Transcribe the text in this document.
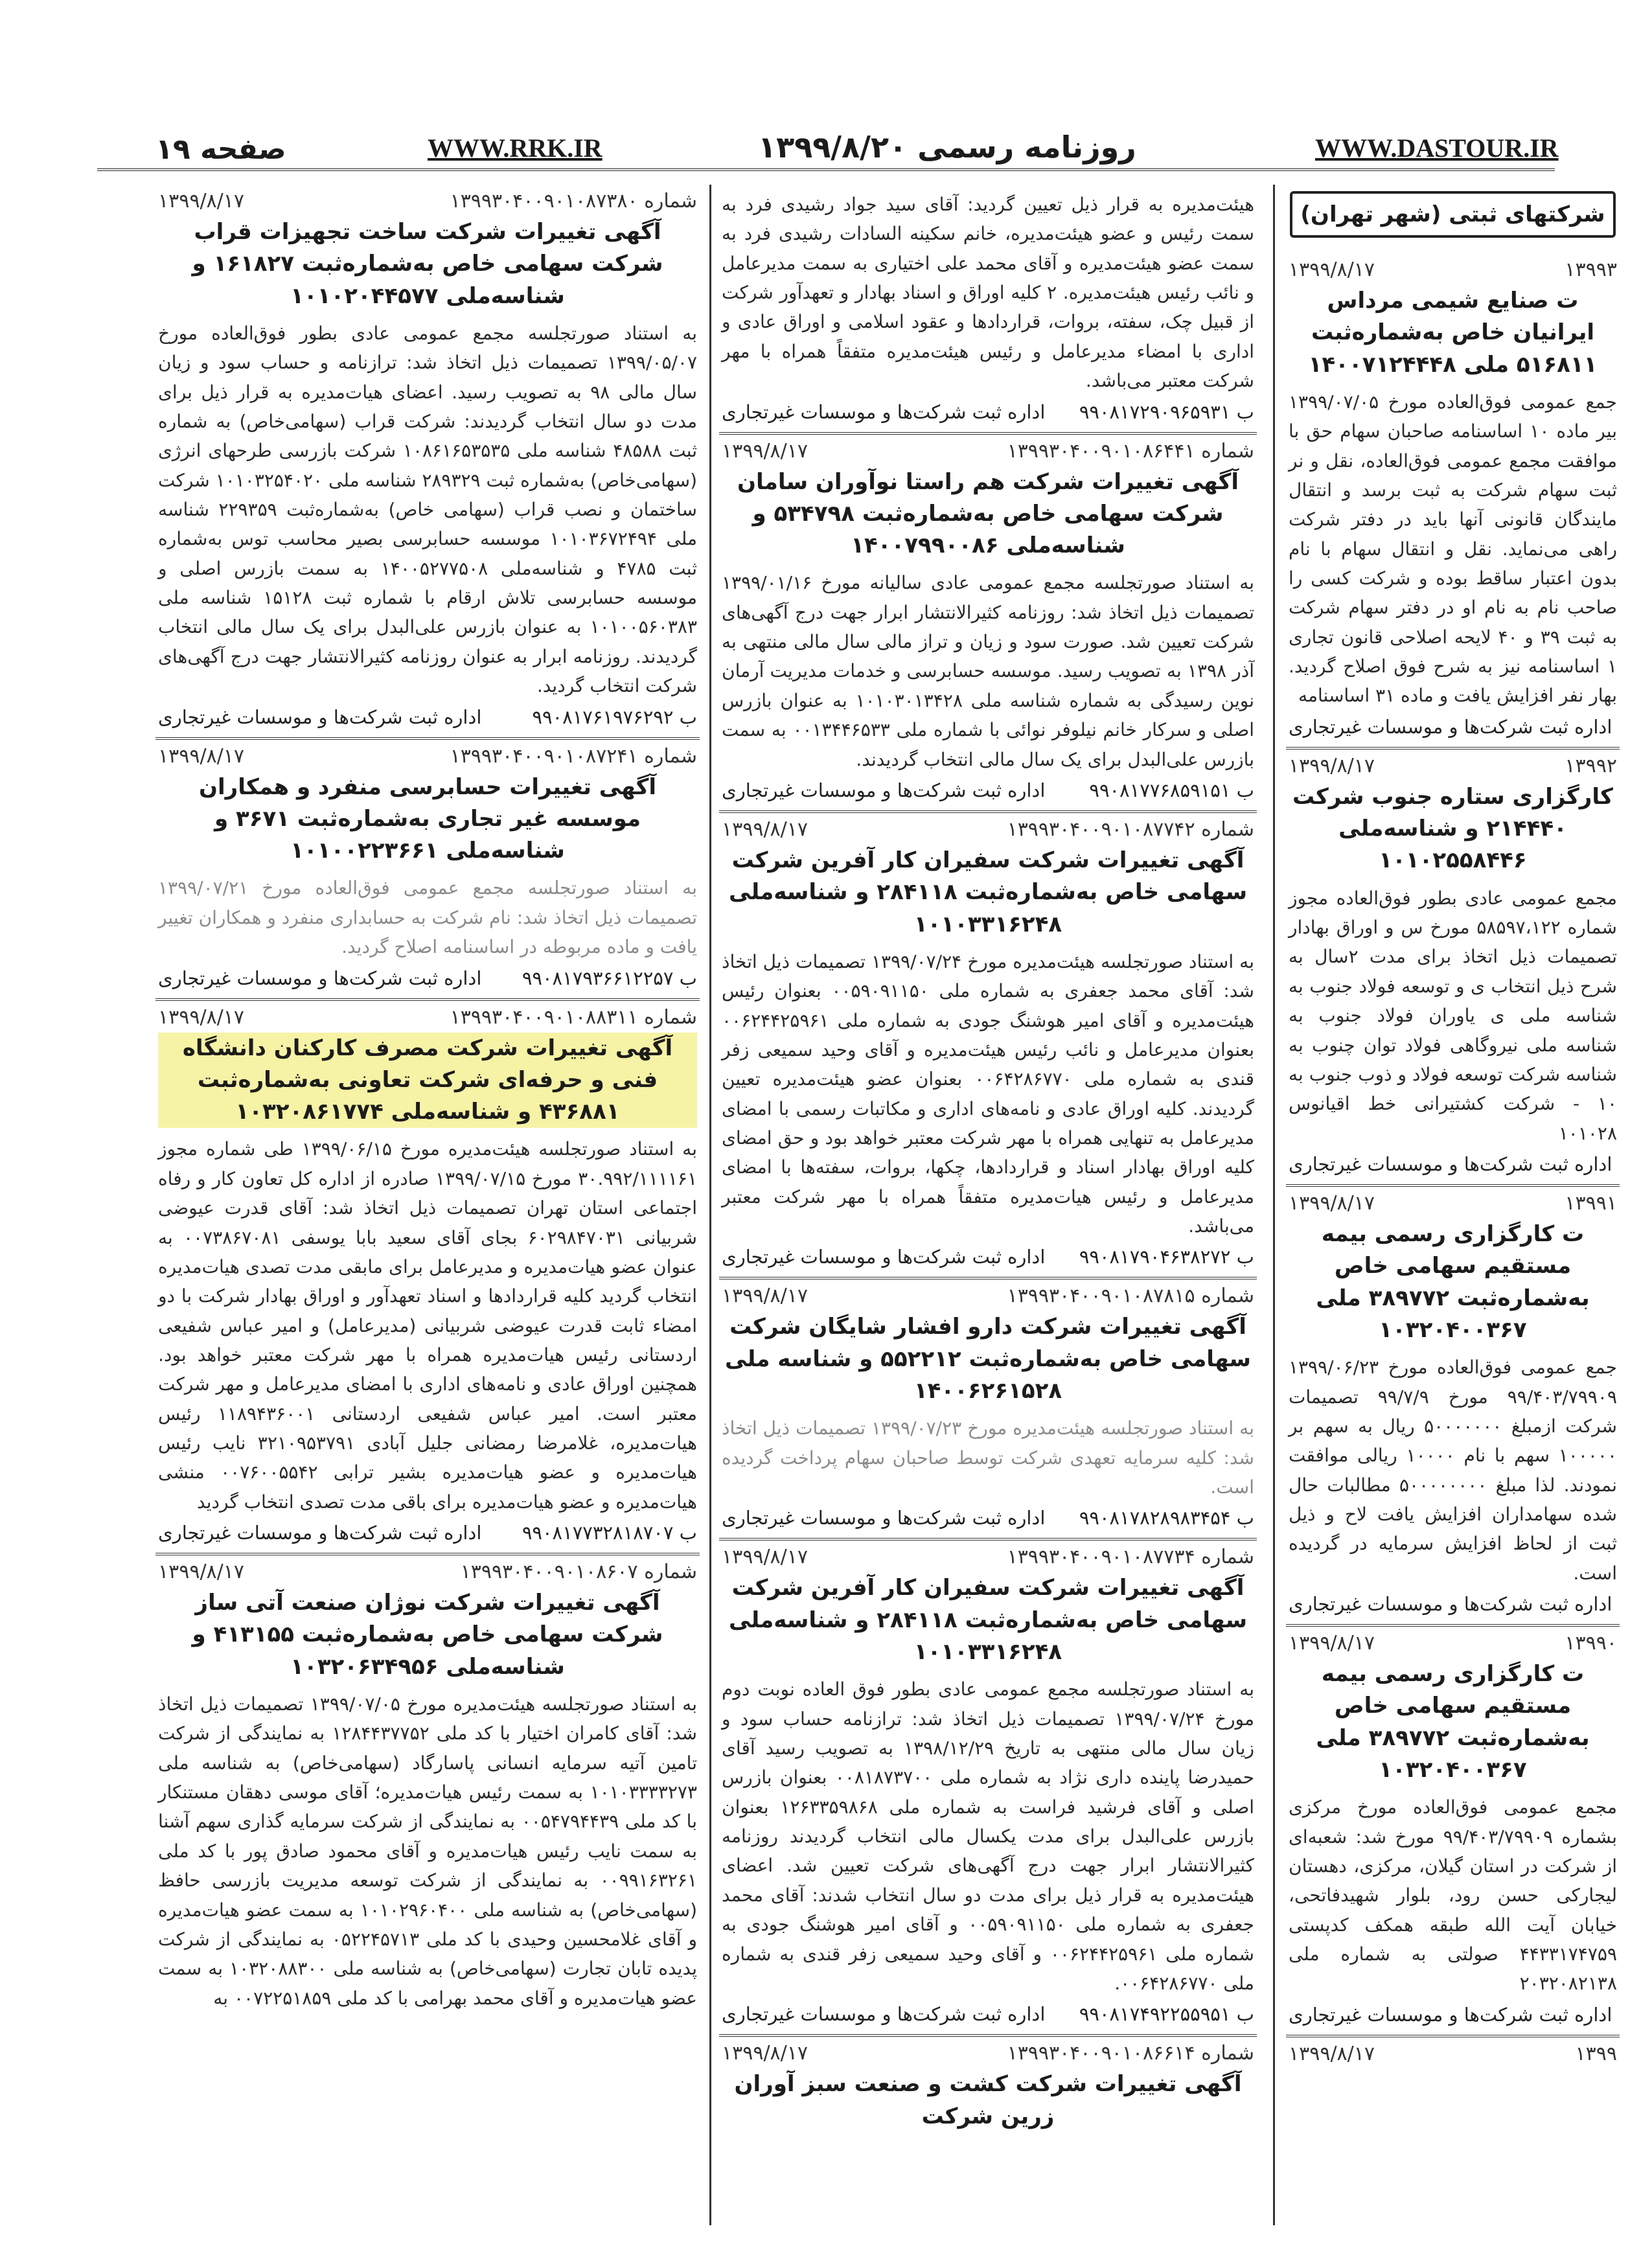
صفحه ۱۹	WWW.RRK.IR	روزنامه رسمی ۱۳۹۹/۸/۲۰	WWW.DASTOUR.IR
شماره ۱۳۹۹۳۰۴۰۰۹۰۱۰۸۷۳۸۰
۱۳۹۹/۸/۱۷
آگهی تغییرات شرکت ساخت تجهیزات قراب شرکت سهامی خاص به‌شماره‌ثبت ۱۶۱۸۲۷ و شناسه‌ملی ۱۰۱۰۲۰۴۴۵۷۷

به استناد صورتجلسه مجمع عمومی عادی بطور فوق‌العاده مورخ ۱۳۹۹/۰۵/۰۷ تصمیمات ذیل اتخاذ شد: ترازنامه و حساب سود و زیان سال مالی ۹۸ به تصویب رسید. اعضای هیات‌مدیره به قرار ذیل برای مدت دو سال انتخاب گردیدند: شرکت قراب (سهامی‌خاص) به شماره ثبت ۴۸۵۸۸ شناسه ملی ۱۰۸۶۱۶۵۳۵۳۵ شرکت بازرسی طرحهای انرژی (سهامی‌خاص) به‌شماره ثبت ۲۸۹۳۲۹ شناسه ملی ۱۰۱۰۳۲۵۴۰۲۰ شرکت ساختمان و نصب قراب (سهامی خاص) به‌شماره‌ثبت ۲۲۹۳۵۹ شناسه ملی ۱۰۱۰۳۶۷۲۴۹۴ موسسه حسابرسی بصیر محاسب توس به‌شماره ثبت ۴۷۸۵ و شناسه‌ملی ۱۴۰۰۵۲۷۷۵۰۸ به سمت بازرس اصلی و موسسه حسابرسی تلاش ارقام با شماره ثبت ۱۵۱۲۸ شناسه ملی ۱۰۱۰۰۵۶۰۳۸۳ به عنوان بازرس علی‌البدل برای یک سال مالی انتخاب گردیدند. روزنامه ابرار به عنوان روزنامه کثیرالانتشار جهت درج آگهی‌های شرکت انتخاب گردید.

ب ۹۹۰۸۱۷۶۱۹۷۶۲۹۲
اداره ثبت شرکت‌ها و موسسات غیرتجاری
شماره ۱۳۹۹۳۰۴۰۰۹۰۱۰۸۷۲۴۱
۱۳۹۹/۸/۱۷
آگهی تغییرات حسابرسی منفرد و همکاران موسسه غیر تجاری به‌شماره‌ثبت ۳۶۷۱ و شناسه‌ملی ۱۰۱۰۰۲۲۳۶۶۱

به استناد صورتجلسه مجمع عمومی فوق‌العاده مورخ ۱۳۹۹/۰۷/۲۱ تصمیمات ذیل اتخاذ شد: نام شرکت به حسابداری منفرد و همکاران تغییر یافت و ماده مربوطه در اساسنامه اصلاح گردید.

ب ۹۹۰۸۱۷۹۳۶۶۱۲۲۵۷
اداره ثبت شرکت‌ها و موسسات غیرتجاری
شماره ۱۳۹۹۳۰۴۰۰۹۰۱۰۸۸۳۱۱
۱۳۹۹/۸/۱۷
آگهی تغییرات شرکت مصرف کارکنان دانشگاه فنی و حرفه‌ای شرکت تعاونی به‌شماره‌ثبت ۴۳۶۸۸۱ و شناسه‌ملی ۱۰۳۲۰۸۶۱۷۷۴

به استناد صورتجلسه هیئت‌مدیره مورخ ۱۳۹۹/۰۶/۱۵ طی شماره مجوز ۳۰.۹۹۲/۱۱۱۱۶۱ مورخ ۱۳۹۹/۰۷/۱۵ صادره از اداره کل تعاون کار و رفاه اجتماعی استان تهران تصمیمات ذیل اتخاذ شد: آقای قدرت عیوضی شربیانی ۶۰۲۹۸۴۷۰۳۱ بجای آقای سعید بابا یوسفی ۰۰۷۳۸۶۷۰۸۱ به عنوان عضو هیات‌مدیره و مدیرعامل برای مابقی مدت تصدی هیات‌مدیره انتخاب گردید کلیه قراردادها و اسناد تعهدآور و اوراق بهادار شرکت با دو امضاء ثابت قدرت عیوضی شربیانی (مدیرعامل) و امیر عباس شفیعی اردستانی رئیس هیات‌مدیره همراه با مهر شرکت معتبر خواهد بود. همچنین اوراق عادی و نامه‌های اداری با امضای مدیرعامل و مهر شرکت معتبر است. امیر عباس شفیعی اردستانی ۱۱۸۹۴۳۶۰۰۱ رئیس هیات‌مدیره، غلامرضا رمضانی جلیل آبادی ۳۲۱۰۹۵۳۷۹۱ نایب رئیس هیات‌مدیره و عضو هیات‌مدیره بشیر ترابی ۰۰۷۶۰۰۵۵۴۲ منشی هیات‌مدیره و عضو هیات‌مدیره برای باقی مدت تصدی انتخاب گردید

ب ۹۹۰۸۱۷۷۳۲۸۱۸۷۰۷
اداره ثبت شرکت‌ها و موسسات غیرتجاری
شماره ۱۳۹۹۳۰۴۰۰۹۰۱۰۸۶۰۷
۱۳۹۹/۸/۱۷
آگهی تغییرات شرکت نوژان صنعت آتی ساز شرکت سهامی خاص به‌شماره‌ثبت ۴۱۳۱۵۵ و شناسه‌ملی ۱۰۳۲۰۶۳۴۹۵۶

به استناد صورتجلسه هیئت‌مدیره مورخ ۱۳۹۹/۰۷/۰۵ تصمیمات ذیل اتخاذ شد: آقای کامران اختیار با کد ملی ۱۲۸۴۴۳۷۷۵۲ به نمایندگی از شرکت تامین آتیه سرمایه انسانی پاسارگاد (سهامی‌خاص) به شناسه ملی ۱۰۱۰۳۳۳۳۲۷۳ به سمت رئیس هیات‌مدیره؛ آقای موسی دهقان مستنکار با کد ملی ۰۰۵۴۷۹۴۴۳۹ به نمایندگی از شرکت سرمایه گذاری سهم آشنا به سمت نایب رئیس هیات‌مدیره و آقای محمود صادق پور با کد ملی ۰۰۹۹۱۶۳۲۶۱ به نمایندگی از شرکت توسعه مدیریت بازرسی حافظ (سهامی‌خاص) به شناسه ملی ۱۰۱۰۲۹۶۰۴۰۰ به سمت عضو هیات‌مدیره و آقای غلامحسین وحیدی با کد ملی ۰۵۲۲۴۵۷۱۳ به نمایندگی از شرکت پدیده تابان تجارت (سهامی‌خاص) به شناسه ملی ۱۰۳۲۰۸۸۳۰۰ به سمت عضو هیات‌مدیره و آقای محمد بهرامی با کد ملی ۰۰۷۲۲۵۱۸۵۹ به

هیئت‌مدیره به قرار ذیل تعیین گردید: آقای سید جواد رشیدی فرد به سمت رئیس و عضو هیئت‌مدیره، خانم سکینه السادات رشیدی فرد به سمت عضو هیئت‌مدیره و آقای محمد علی اختیاری به سمت مدیرعامل و نائب رئیس هیئت‌مدیره. ۲ کلیه اوراق و اسناد بهادار و تعهدآور شرکت از قبیل چک، سفته، بروات، قراردادها و عقود اسلامی و اوراق عادی و اداری با امضاء مدیرعامل و رئیس هیئت‌مدیره متفقاً همراه با مهر شرکت معتبر می‌باشد.

ب ۹۹۰۸۱۷۲۹۰۹۶۵۹۳۱
اداره ثبت شرکت‌ها و موسسات غیرتجاری
شماره ۱۳۹۹۳۰۴۰۰۹۰۱۰۸۶۴۴۱
۱۳۹۹/۸/۱۷
آگهی تغییرات شرکت هم راستا نوآوران سامان شرکت سهامی خاص به‌شماره‌ثبت ۵۳۴۷۹۸ و شناسه‌ملی ۱۴۰۰۷۹۹۰۰۸۶

به استناد صورتجلسه مجمع عمومی عادی سالیانه مورخ ۱۳۹۹/۰۱/۱۶ تصمیمات ذیل اتخاذ شد: روزنامه کثیرالانتشار ابرار جهت درج آگهی‌های شرکت تعیین شد. صورت سود و زیان و تراز مالی سال مالی منتهی به آذر ۱۳۹۸ به تصویب رسید. موسسه حسابرسی و خدمات مدیریت آرمان نوین رسیدگی به شماره شناسه ملی ۱۰۱۰۳۰۱۳۴۲۸ به عنوان بازرس اصلی و سرکار خانم نیلوفر نوائی با شماره ملی ۰۰۱۳۴۴۶۵۳۳ به سمت بازرس علی‌البدل برای یک سال مالی انتخاب گردیدند.

ب ۹۹۰۸۱۷۷۶۸۵۹۱۵۱
اداره ثبت شرکت‌ها و موسسات غیرتجاری
شماره ۱۳۹۹۳۰۴۰۰۹۰۱۰۸۷۷۴۲
۱۳۹۹/۸/۱۷
آگهی تغییرات شرکت سفیران کار آفرین شرکت سهامی خاص به‌شماره‌ثبت ۲۸۴۱۱۸ و شناسه‌ملی ۱۰۱۰۳۳۱۶۲۴۸

به استناد صورتجلسه هیئت‌مدیره مورخ ۱۳۹۹/۰۷/۲۴ تصمیمات ذیل اتخاذ شد: آقای محمد جعفری به شماره ملی ۰۰۵۹۰۹۱۱۵۰ بعنوان رئیس هیئت‌مدیره و آقای امیر هوشنگ جودی به شماره ملی ۰۰۶۲۴۴۲۵۹۶۱ بعنوان مدیرعامل و نائب رئیس هیئت‌مدیره و آقای وحید سمیعی زفر قندی به شماره ملی ۰۰۶۴۲۸۶۷۷۰ بعنوان عضو هیئت‌مدیره تعیین گردیدند. کلیه اوراق عادی و نامه‌های اداری و مکاتبات رسمی با امضای مدیرعامل به تنهایی همراه با مهر شرکت معتبر خواهد بود و حق امضای کلیه اوراق بهادار اسناد و قراردادها، چکها، بروات، سفته‌ها با امضای مدیرعامل و رئیس هیات‌مدیره متفقاً همراه با مهر شرکت معتبر می‌باشد.

ب ۹۹۰۸۱۷۹۰۴۶۳۸۲۷۲
اداره ثبت شرکت‌ها و موسسات غیرتجاری
شماره ۱۳۹۹۳۰۴۰۰۹۰۱۰۸۷۸۱۵
۱۳۹۹/۸/۱۷
آگهی تغییرات شرکت دارو افشار شایگان شرکت سهامی خاص به‌شماره‌ثبت ۵۵۲۲۱۲ و شناسه ملی ۱۴۰۰۶۲۶۱۵۲۸

به استناد صورتجلسه هیئت‌مدیره مورخ ۱۳۹۹/۰۷/۲۳ تصمیمات ذیل اتخاذ شد: کلیه سرمایه تعهدی شرکت توسط صاحبان سهام پرداخت گردیده است.

ب ۹۹۰۸۱۷۸۲۸۹۸۳۴۵۴
اداره ثبت شرکت‌ها و موسسات غیرتجاری
شماره ۱۳۹۹۳۰۴۰۰۹۰۱۰۸۷۷۳۴
۱۳۹۹/۸/۱۷
آگهی تغییرات شرکت سفیران کار آفرین شرکت سهامی خاص به‌شماره‌ثبت ۲۸۴۱۱۸ و شناسه‌ملی ۱۰۱۰۳۳۱۶۲۴۸

به استناد صورتجلسه مجمع عمومی عادی بطور فوق العاده نوبت دوم مورخ ۱۳۹۹/۰۷/۲۴ تصمیمات ذیل اتخاذ شد: ترازنامه حساب سود و زیان سال مالی منتهی به تاریخ ۱۳۹۸/۱۲/۲۹ به تصویب رسید آقای حمیدرضا پاینده داری نژاد به شماره ملی ۰۰۸۱۸۷۳۷۰۰ بعنوان بازرس اصلی و آقای فرشید فراست به شماره ملی ۱۲۶۳۳۵۹۸۶۸ بعنوان بازرس علی‌البدل برای مدت یکسال مالی انتخاب گردیدند روزنامه کثیرالانتشار ابرار جهت درج آگهی‌های شرکت تعیین شد. اعضای هیئت‌مدیره به قرار ذیل برای مدت دو سال انتخاب شدند: آقای محمد جعفری به شماره ملی ۰۰۵۹۰۹۱۱۵۰ و آقای امیر هوشنگ جودی به شماره ملی ۰۰۶۲۴۴۲۵۹۶۱ و آقای وحید سمیعی زفر قندی به شماره ملی ۰۰۶۴۲۸۶۷۷۰.

ب ۹۹۰۸۱۷۴۹۲۲۵۵۹۵۱
اداره ثبت شرکت‌ها و موسسات غیرتجاری
شماره ۱۳۹۹۳۰۴۰۰۹۰۱۰۸۶۶۱۴
۱۳۹۹/۸/۱۷
آگهی تغییرات شرکت کشت و صنعت سبز آوران زرین شرکت
شرکتهای ثبتی (شهر تهران)
۱۳۹۹۳
۱۳۹۹/۸/۱۷
ت صنایع شیمی مرداس ایرانیان خاص به‌شماره‌ثبت ۵۱۶۸۱۱ ملی ۱۴۰۰۷۱۲۴۴۴۸

جمع عمومی فوق‌العاده مورخ ۱۳۹۹/۰۷/۰۵ بیر ماده ۱۰ اساسنامه صاحبان سهام حق با موافقت مجمع عمومی فوق‌العاده، نقل و نر ثبت سهام شرکت به ثبت برسد و انتقال مایندگان قانونی آنها باید در دفتر شرکت راهی می‌نماید. نقل و انتقال سهام با نام بدون اعتبار ساقط بوده و شرکت کسی را صاحب نام به نام او در دفتر سهام شرکت به ثبت ۳۹ و ۴۰ لایحه اصلاحی قانون تجاری ۱ اساسنامه نیز به شرح فوق اصلاح گردید. بهار نفر افزایش یافت و ماده ۳۱ اساسنامه

اداره ثبت شرکت‌ها و موسسات غیرتجاری
۱۳۹۹۲
۱۳۹۹/۸/۱۷
کارگزاری ستاره جنوب شرکت ۲۱۴۴۴۰ و شناسه‌ملی ۱۰۱۰۲۵۵۸۴۴۶

مجمع عمومی عادی بطور فوق‌العاده مجوز شماره ۵۸۵۹۷،۱۲۲ مورخ س و اوراق بهادار تصمیمات ذیل اتخاذ برای مدت ۲سال به شرح ذیل انتخاب ی و توسعه فولاد جنوب به شناسه ملی ی یاوران فولاد جنوب به شناسه ملی نیروگاهی فولاد توان چنوب به شناسه شرکت توسعه فولاد و ذوب جنوب به ۱۰ - شرکت کشتیرانی خط اقیانوس ۱۰۱۰۲۸

اداره ثبت شرکت‌ها و موسسات غیرتجاری
۱۳۹۹۱
۱۳۹۹/۸/۱۷
ت کارگزاری رسمی بیمه مستقیم سهامی خاص به‌شماره‌ثبت ۳۸۹۷۷۲ ملی ۱۰۳۲۰۴۰۰۳۶۷

جمع عمومی فوق‌العاده مورخ ۱۳۹۹/۰۶/۲۳ ۹۹/۴۰۳/۷۹۹۰۹ مورخ ۹۹/۷/۹ تصمیمات شرکت ازمبلغ ۵۰۰۰۰۰۰۰ ریال به سهم بر ۱۰۰۰۰۰ سهم با نام ۱۰۰۰۰ ریالی موافقت نمودند. لذا مبلغ ۵۰۰۰۰۰۰۰۰ مطالبات حال شده سهامداران افزایش یافت لاح و ذیل ثبت از لحاظ افزایش سرمایه در گردیده است.

اداره ثبت شرکت‌ها و موسسات غیرتجاری
۱۳۹۹۰
۱۳۹۹/۸/۱۷
ت کارگزاری رسمی بیمه مستقیم سهامی خاص به‌شماره‌ثبت ۳۸۹۷۷۲ ملی ۱۰۳۲۰۴۰۰۳۶۷

مجمع عمومی فوق‌العاده مورخ مرکزی بشماره ۹۹/۴۰۳/۷۹۹۰۹ مورخ شد: شعبه‌ای از شرکت در استان گیلان، مرکزی، دهستان لیجارکی حسن رود، بلوار شهیدفاتحی، خیابان آیت الله طبقه همکف کدپستی ۴۴۳۳۱۷۴۷۵۹ صولتی به شماره ملی ۲۰۳۲۰۸۲۱۳۸

اداره ثبت شرکت‌ها و موسسات غیرتجاری
۱۳۹۹
۱۳۹۹/۸/۱۷
